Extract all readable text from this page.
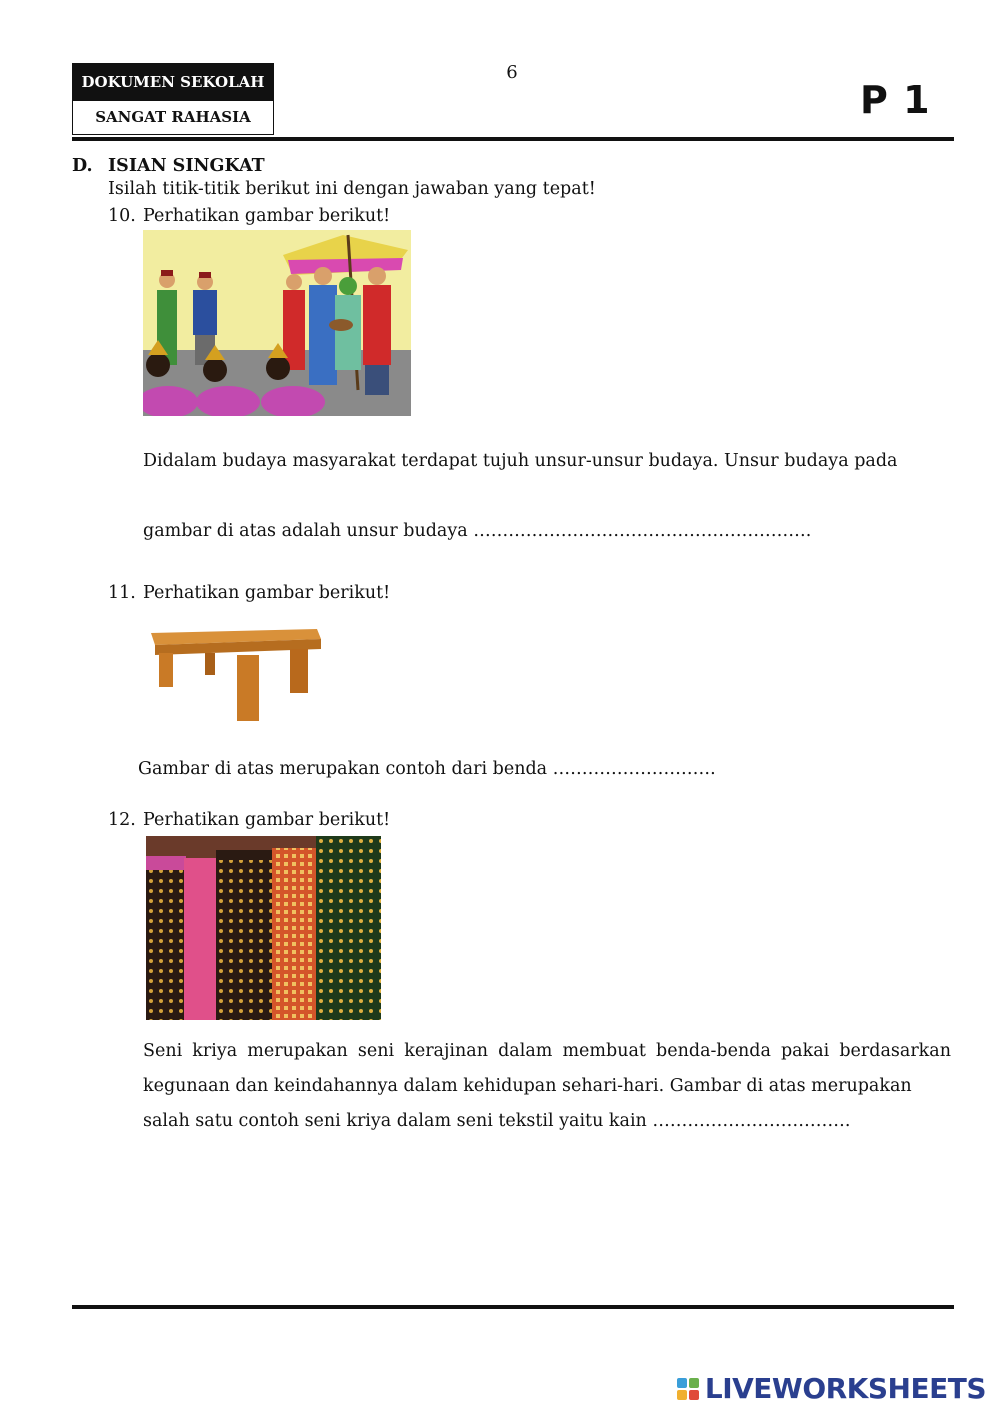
DOKUMEN SEKOLAH
SANGAT RAHASIA
6
P 1
D. ISIAN SINGKAT
Isilah titik-titik berikut ini dengan jawaban yang tepat!
10. Perhatikan gambar berikut!
Didalam budaya masyarakat terdapat tujuh unsur-unsur budaya. Unsur budaya pada
gambar di atas adalah unsur budaya ………………………………………………….
11. Perhatikan gambar berikut!
Gambar di atas merupakan contoh dari benda ……………………….
12. Perhatikan gambar berikut!
Seni kriya merupakan seni kerajinan dalam membuat benda-benda pakai berdasarkan
kegunaan dan keindahannya dalam kehidupan sehari-hari. Gambar di atas merupakan
salah satu contoh seni kriya dalam seni tekstil yaitu kain …………………………….
LIVEWORKSHEETS
